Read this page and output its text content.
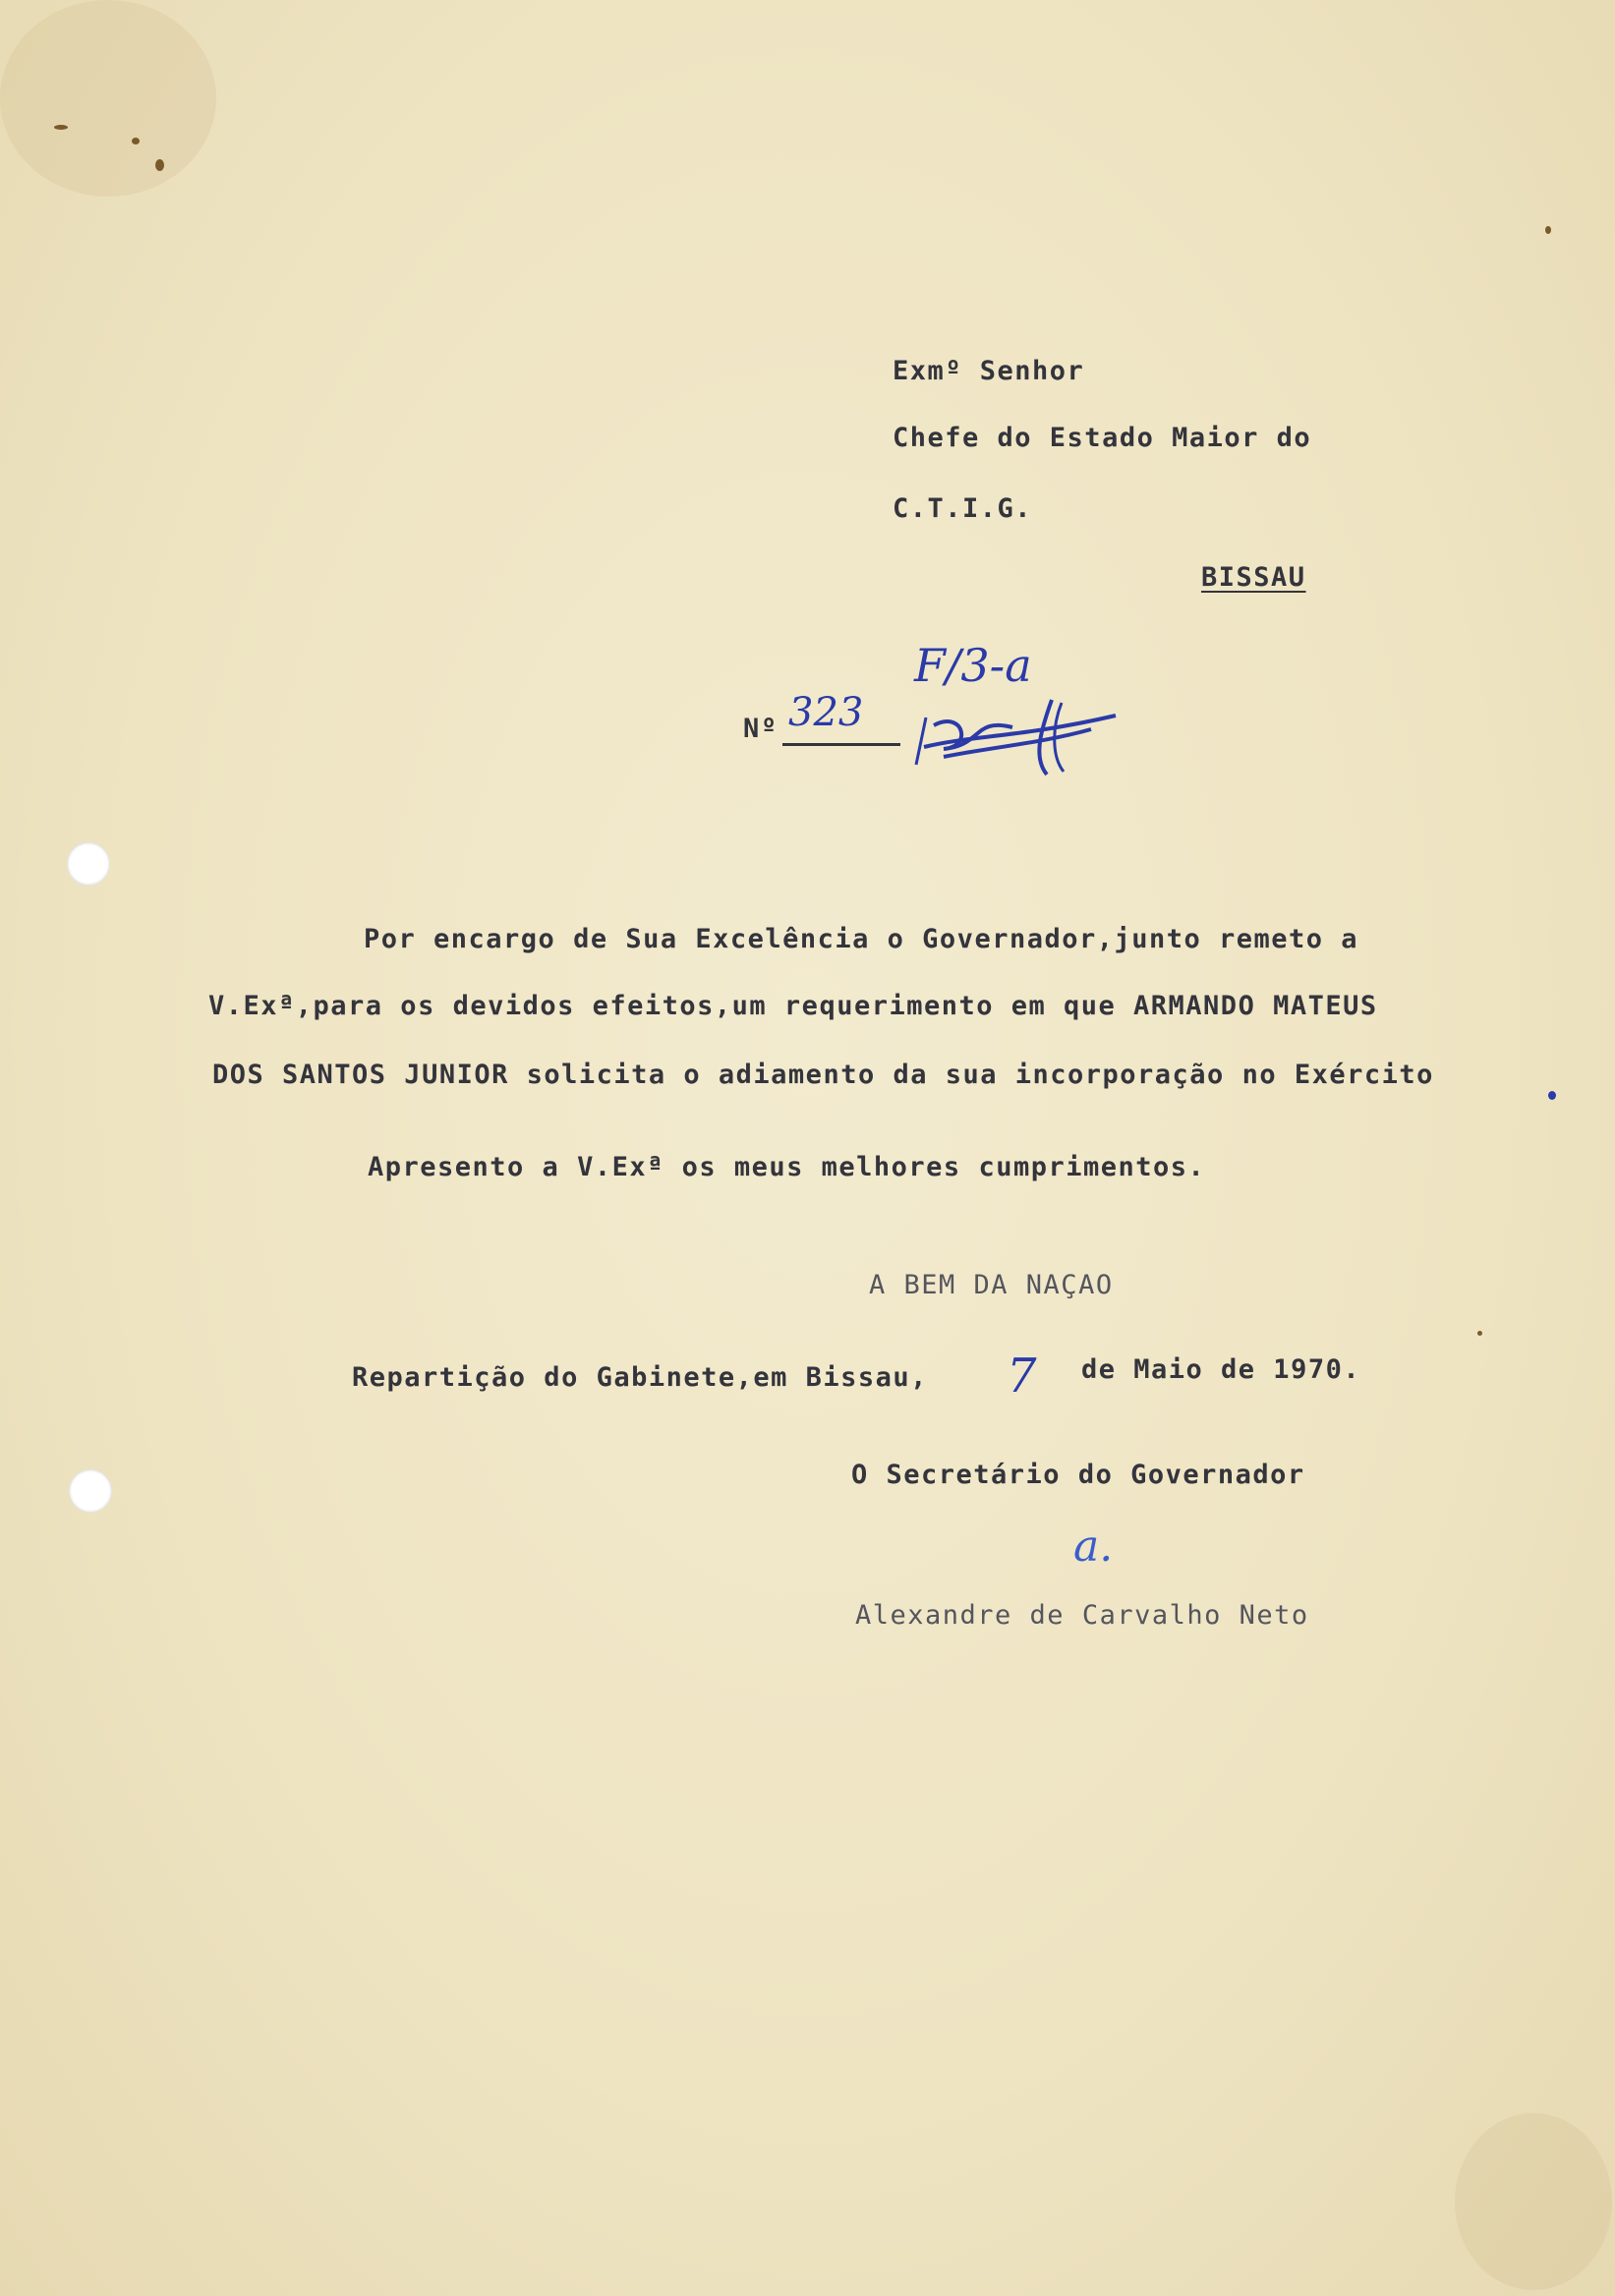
Exmº Senhor
Chefe do Estado Maior do
C.T.I.G.
BISSAU
Nº 323
F/3-a
Por encargo de Sua Excelência o Governador,junto remeto a
V.Exª,para os devidos efeitos,um requerimento em que ARMANDO MATEUS
DOS SANTOS JUNIOR solicita o adiamento da sua incorporação no Exército
Apresento a V.Exª os meus melhores cumprimentos.
A BEM DA NAÇAO
Repartição do Gabinete,em Bissau, 7 de Maio de 1970.
O Secretário do Governador
a.
Alexandre de Carvalho Neto
